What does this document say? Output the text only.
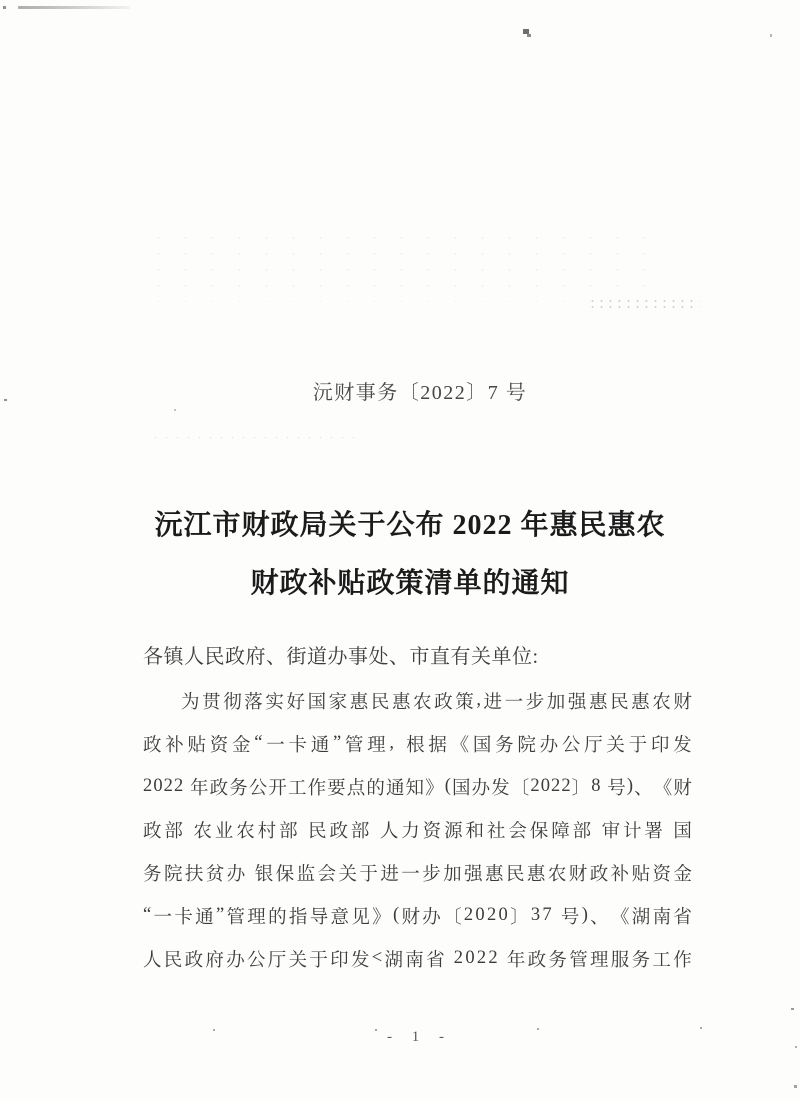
沅财事务〔2022〕7 号
沅江市财政局关于公布 2022 年惠民惠农
财政补贴政策清单的通知
各镇人民政府、街道办事处、市直有关单位:
为 贯 彻 落 实 好 国 家 惠 民 惠 农 政 策 , 进 一 步 加 强 惠 民 惠 农 财
政 补 贴 资 金 “ 一 卡 通 ” 管 理 ,
根 据 《 国 务 院 办 公 厅 关 于 印 发
2 0 2 2
年 政 务 公 开 工 作 要 点 的 通 知 》 ( 国 办 发 〔 2 0 2 2 〕 8
号 ) 、 《 财
政 部
农 业 农 村 部
民 政 部
人 力 资 源 和 社 会 保 障 部
审 计 署
国
务 院 扶 贫 办
银 保 监 会 关 于 进 一 步 加 强 惠 民 惠 农 财 政 补 贴 资 金
“ 一 卡 通 ” 管 理 的 指 导 意 见 》 ( 财 办 〔 2 0 2 0 〕 3 7
号 ) 、 《 湖 南 省
人 民 政 府 办 公 厅 关 于 印 发 < 湖 南 省
2 0 2 2
年 政 务 管 理 服 务 工 作
- 1 -
